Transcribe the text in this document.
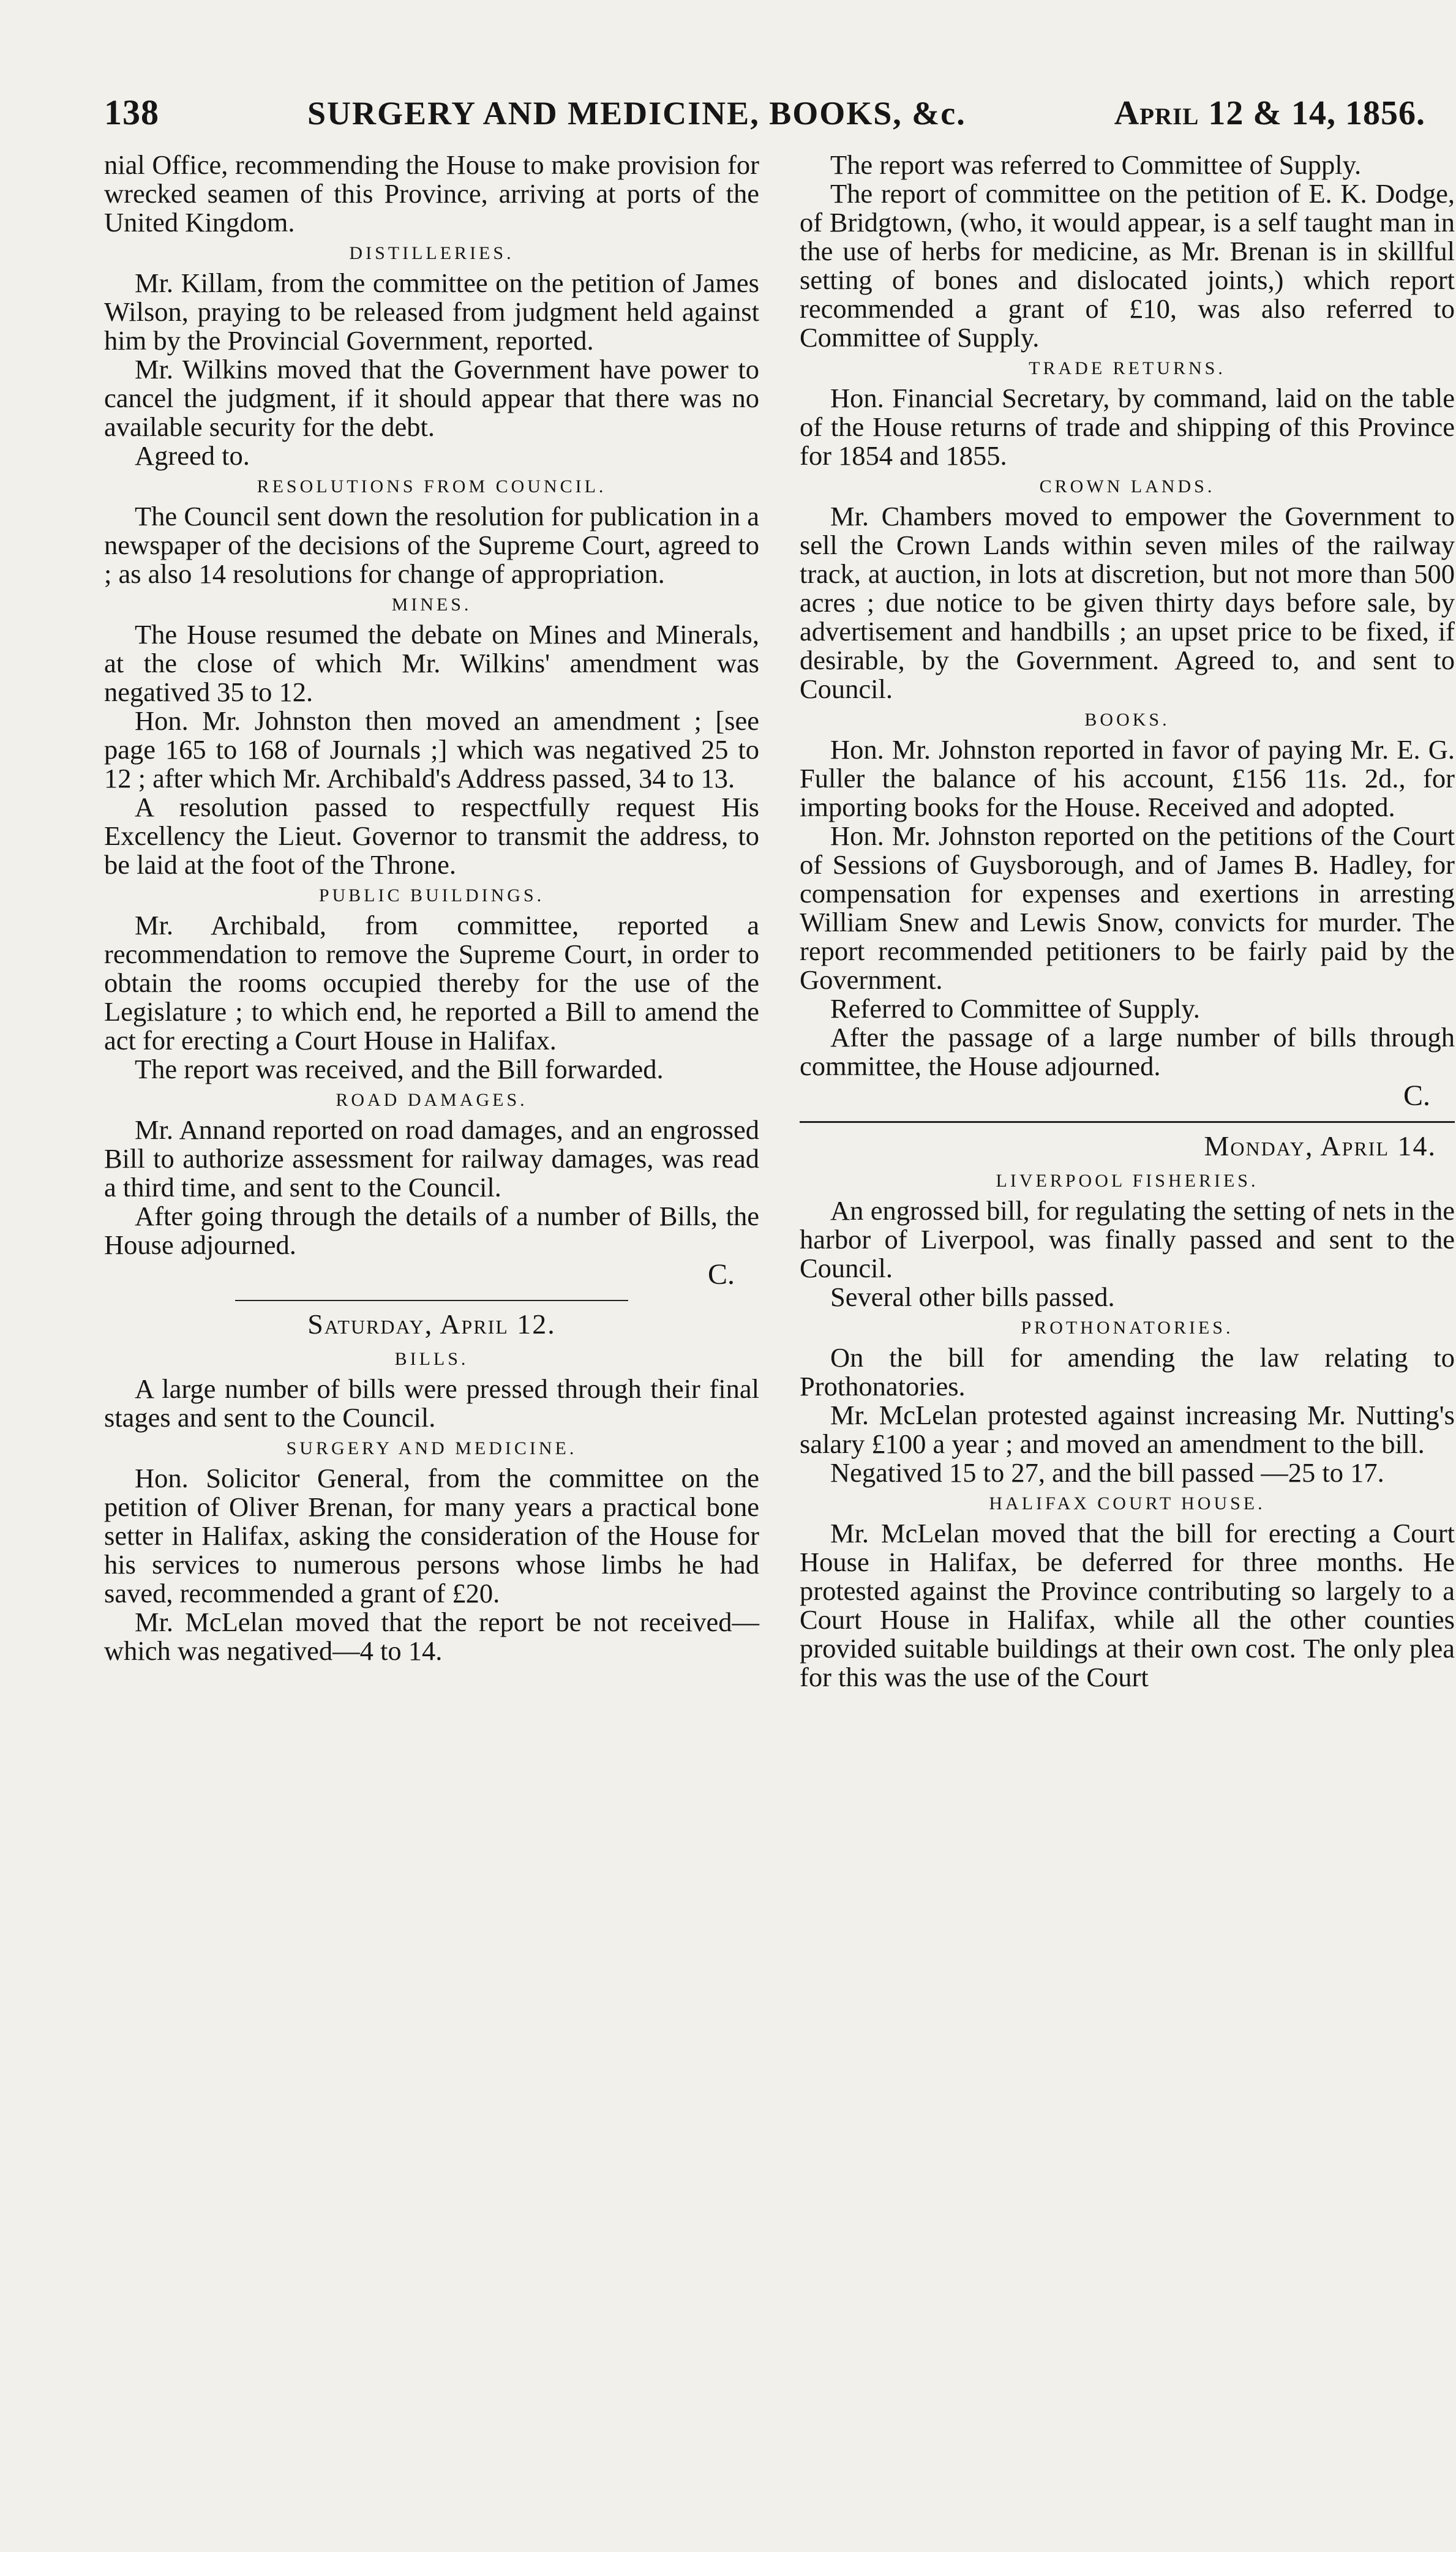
138	SURGERY AND MEDICINE, BOOKS, &c.	April 12 & 14, 1856.

nial Office, recommending the House to make provision for wrecked seamen of this Province, arriving at ports of the United Kingdom.

DISTILLERIES.

Mr. Killam, from the committee on the petition of James Wilson, praying to be released from judgment held against him by the Provincial Government, reported.

Mr. Wilkins moved that the Government have power to cancel the judgment, if it should appear that there was no available security for the debt.

Agreed to.

RESOLUTIONS FROM COUNCIL.

The Council sent down the resolution for publication in a newspaper of the decisions of the Supreme Court, agreed to ; as also 14 resolutions for change of appropriation.

MINES.

The House resumed the debate on Mines and Minerals, at the close of which Mr. Wilkins' amendment was negatived 35 to 12.

Hon. Mr. Johnston then moved an amendment ; [see page 165 to 168 of Journals ;] which was negatived 25 to 12 ; after which Mr. Archibald's Address passed, 34 to 13.

A resolution passed to respectfully request His Excellency the Lieut. Governor to transmit the address, to be laid at the foot of the Throne.

PUBLIC BUILDINGS.

Mr. Archibald, from committee, reported a recommendation to remove the Supreme Court, in order to obtain the rooms occupied thereby for the use of the Legislature ; to which end, he reported a Bill to amend the act for erecting a Court House in Halifax.

The report was received, and the Bill forwarded.

ROAD DAMAGES.

Mr. Annand reported on road damages, and an engrossed Bill to authorize assessment for railway damages, was read a third time, and sent to the Council.

After going through the details of a number of Bills, the House adjourned.

C.
Saturday, April 12.
BILLS.

A large number of bills were pressed through their final stages and sent to the Council.

SURGERY AND MEDICINE.

Hon. Solicitor General, from the committee on the petition of Oliver Brenan, for many years a practical bone setter in Halifax, asking the consideration of the House for his services to numerous persons whose limbs he had saved, recommended a grant of £20.

Mr. McLelan moved that the report be not received—which was negatived—4 to 14.

The report was referred to Committee of Supply.

The report of committee on the petition of E. K. Dodge, of Bridgtown, (who, it would appear, is a self taught man in the use of herbs for medicine, as Mr. Brenan is in skillful setting of bones and dislocated joints,) which report recommended a grant of £10, was also referred to Committee of Supply.

TRADE RETURNS.

Hon. Financial Secretary, by command, laid on the table of the House returns of trade and shipping of this Province for 1854 and 1855.

CROWN LANDS.

Mr. Chambers moved to empower the Government to sell the Crown Lands within seven miles of the railway track, at auction, in lots at discretion, but not more than 500 acres ; due notice to be given thirty days before sale, by advertisement and handbills ; an upset price to be fixed, if desirable, by the Government. Agreed to, and sent to Council.

BOOKS.

Hon. Mr. Johnston reported in favor of paying Mr. E. G. Fuller the balance of his account, £156 11s. 2d., for importing books for the House. Received and adopted.

Hon. Mr. Johnston reported on the petitions of the Court of Sessions of Guysborough, and of James B. Hadley, for compensation for expenses and exertions in arresting William Snew and Lewis Snow, convicts for murder. The report recommended petitioners to be fairly paid by the Government.

Referred to Committee of Supply.

After the passage of a large number of bills through committee, the House adjourned.

C.
Monday, April 14.
LIVERPOOL FISHERIES.

An engrossed bill, for regulating the setting of nets in the harbor of Liverpool, was finally passed and sent to the Council.

Several other bills passed.

PROTHONATORIES.

On the bill for amending the law relating to Prothonatories.

Mr. McLelan protested against increasing Mr. Nutting's salary £100 a year ; and moved an amendment to the bill.

Negatived 15 to 27, and the bill passed —25 to 17.

HALIFAX COURT HOUSE.

Mr. McLelan moved that the bill for erecting a Court House in Halifax, be deferred for three months. He protested against the Province contributing so largely to a Court House in Halifax, while all the other counties provided suitable buildings at their own cost. The only plea for this was the use of the Court
